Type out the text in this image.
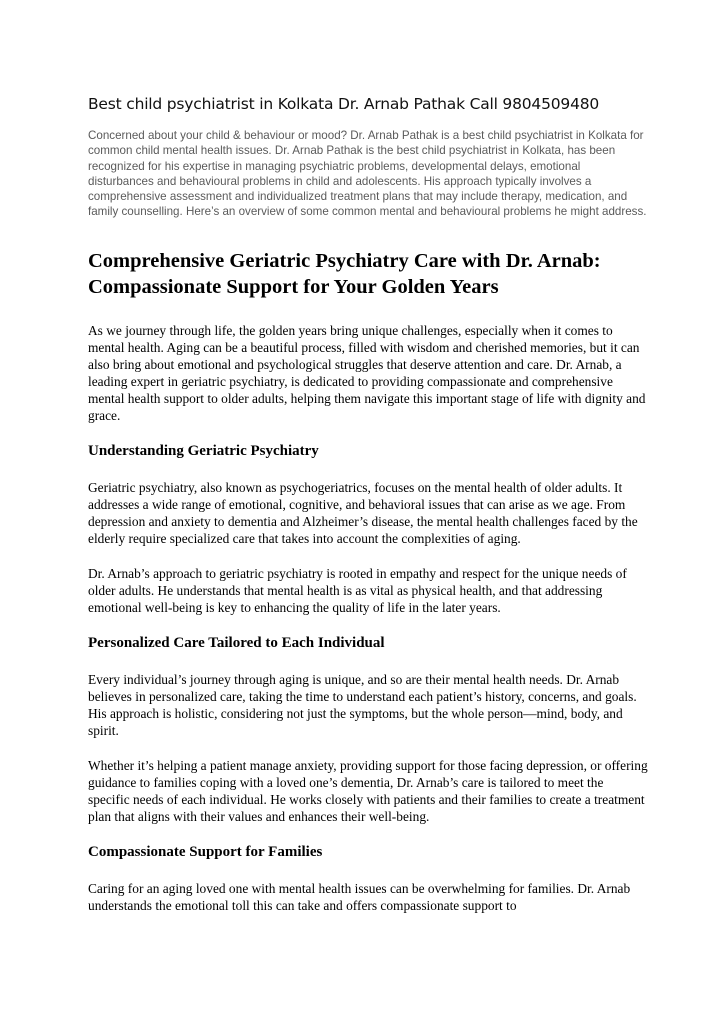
Best child psychiatrist in Kolkata Dr. Arnab Pathak Call 9804509480
Concerned about your child & behaviour or mood? Dr. Arnab Pathak is a best child psychiatrist in Kolkata for common child mental health issues. Dr. Arnab Pathak is the best child psychiatrist in Kolkata, has been recognized for his expertise in managing psychiatric problems, developmental delays, emotional disturbances and behavioural problems in child and adolescents. His approach typically involves a comprehensive assessment and individualized treatment plans that may include therapy, medication, and family counselling. Here’s an overview of some common mental and behavioural problems he might address.
Comprehensive Geriatric Psychiatry Care with Dr. Arnab: Compassionate Support for Your Golden Years
As we journey through life, the golden years bring unique challenges, especially when it comes to mental health. Aging can be a beautiful process, filled with wisdom and cherished memories, but it can also bring about emotional and psychological struggles that deserve attention and care. Dr. Arnab, a leading expert in geriatric psychiatry, is dedicated to providing compassionate and comprehensive mental health support to older adults, helping them navigate this important stage of life with dignity and grace.
Understanding Geriatric Psychiatry
Geriatric psychiatry, also known as psychogeriatrics, focuses on the mental health of older adults. It addresses a wide range of emotional, cognitive, and behavioral issues that can arise as we age. From depression and anxiety to dementia and Alzheimer’s disease, the mental health challenges faced by the elderly require specialized care that takes into account the complexities of aging.
Dr. Arnab’s approach to geriatric psychiatry is rooted in empathy and respect for the unique needs of older adults. He understands that mental health is as vital as physical health, and that addressing emotional well-being is key to enhancing the quality of life in the later years.
Personalized Care Tailored to Each Individual
Every individual’s journey through aging is unique, and so are their mental health needs. Dr. Arnab believes in personalized care, taking the time to understand each patient’s history, concerns, and goals. His approach is holistic, considering not just the symptoms, but the whole person—mind, body, and spirit.
Whether it’s helping a patient manage anxiety, providing support for those facing depression, or offering guidance to families coping with a loved one’s dementia, Dr. Arnab’s care is tailored to meet the specific needs of each individual. He works closely with patients and their families to create a treatment plan that aligns with their values and enhances their well-being.
Compassionate Support for Families
Caring for an aging loved one with mental health issues can be overwhelming for families. Dr. Arnab understands the emotional toll this can take and offers compassionate support to
